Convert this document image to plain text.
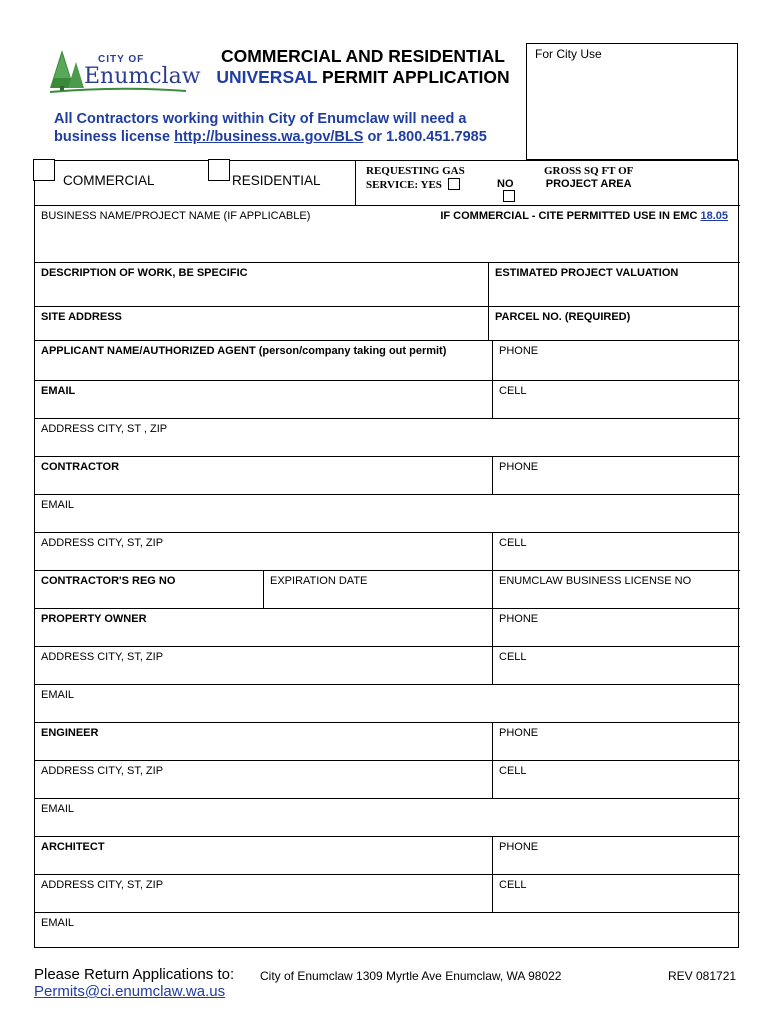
CITY OF
Enumclaw
COMMERCIAL AND RESIDENTIAL
UNIVERSAL PERMIT APPLICATION
For City Use
All Contractors working within City of Enumclaw will need a
business license http://business.wa.gov/BLS or 1.800.451.7985
COMMERCIAL	RESIDENTIAL
REQUESTING GAS
SERVICE: YES	NO
GROSS SQ FT OF
PROJECT AREA
BUSINESS NAME/PROJECT NAME (IF APPLICABLE)	IF COMMERCIAL - CITE PERMITTED USE IN EMC 18.05
DESCRIPTION OF WORK, BE SPECIFIC	ESTIMATED PROJECT VALUATION
SITE ADDRESS	PARCEL NO. (REQUIRED)
APPLICANT NAME/AUTHORIZED AGENT (person/company taking out permit)	PHONE
EMAIL	CELL
ADDRESS CITY, ST , ZIP
CONTRACTOR	PHONE
EMAIL
ADDRESS CITY, ST, ZIP	CELL
CONTRACTOR'S REG NO	EXPIRATION DATE	ENUMCLAW BUSINESS LICENSE NO
PROPERTY OWNER	PHONE
ADDRESS CITY, ST, ZIP	CELL
EMAIL
ENGINEER	PHONE
ADDRESS CITY, ST, ZIP	CELL
EMAIL
ARCHITECT	PHONE
ADDRESS CITY, ST, ZIP	CELL
EMAIL
Please Return Applications to:
Permits@ci.enumclaw.wa.us
City of Enumclaw 1309 Myrtle Ave Enumclaw, WA 98022	REV 081721
